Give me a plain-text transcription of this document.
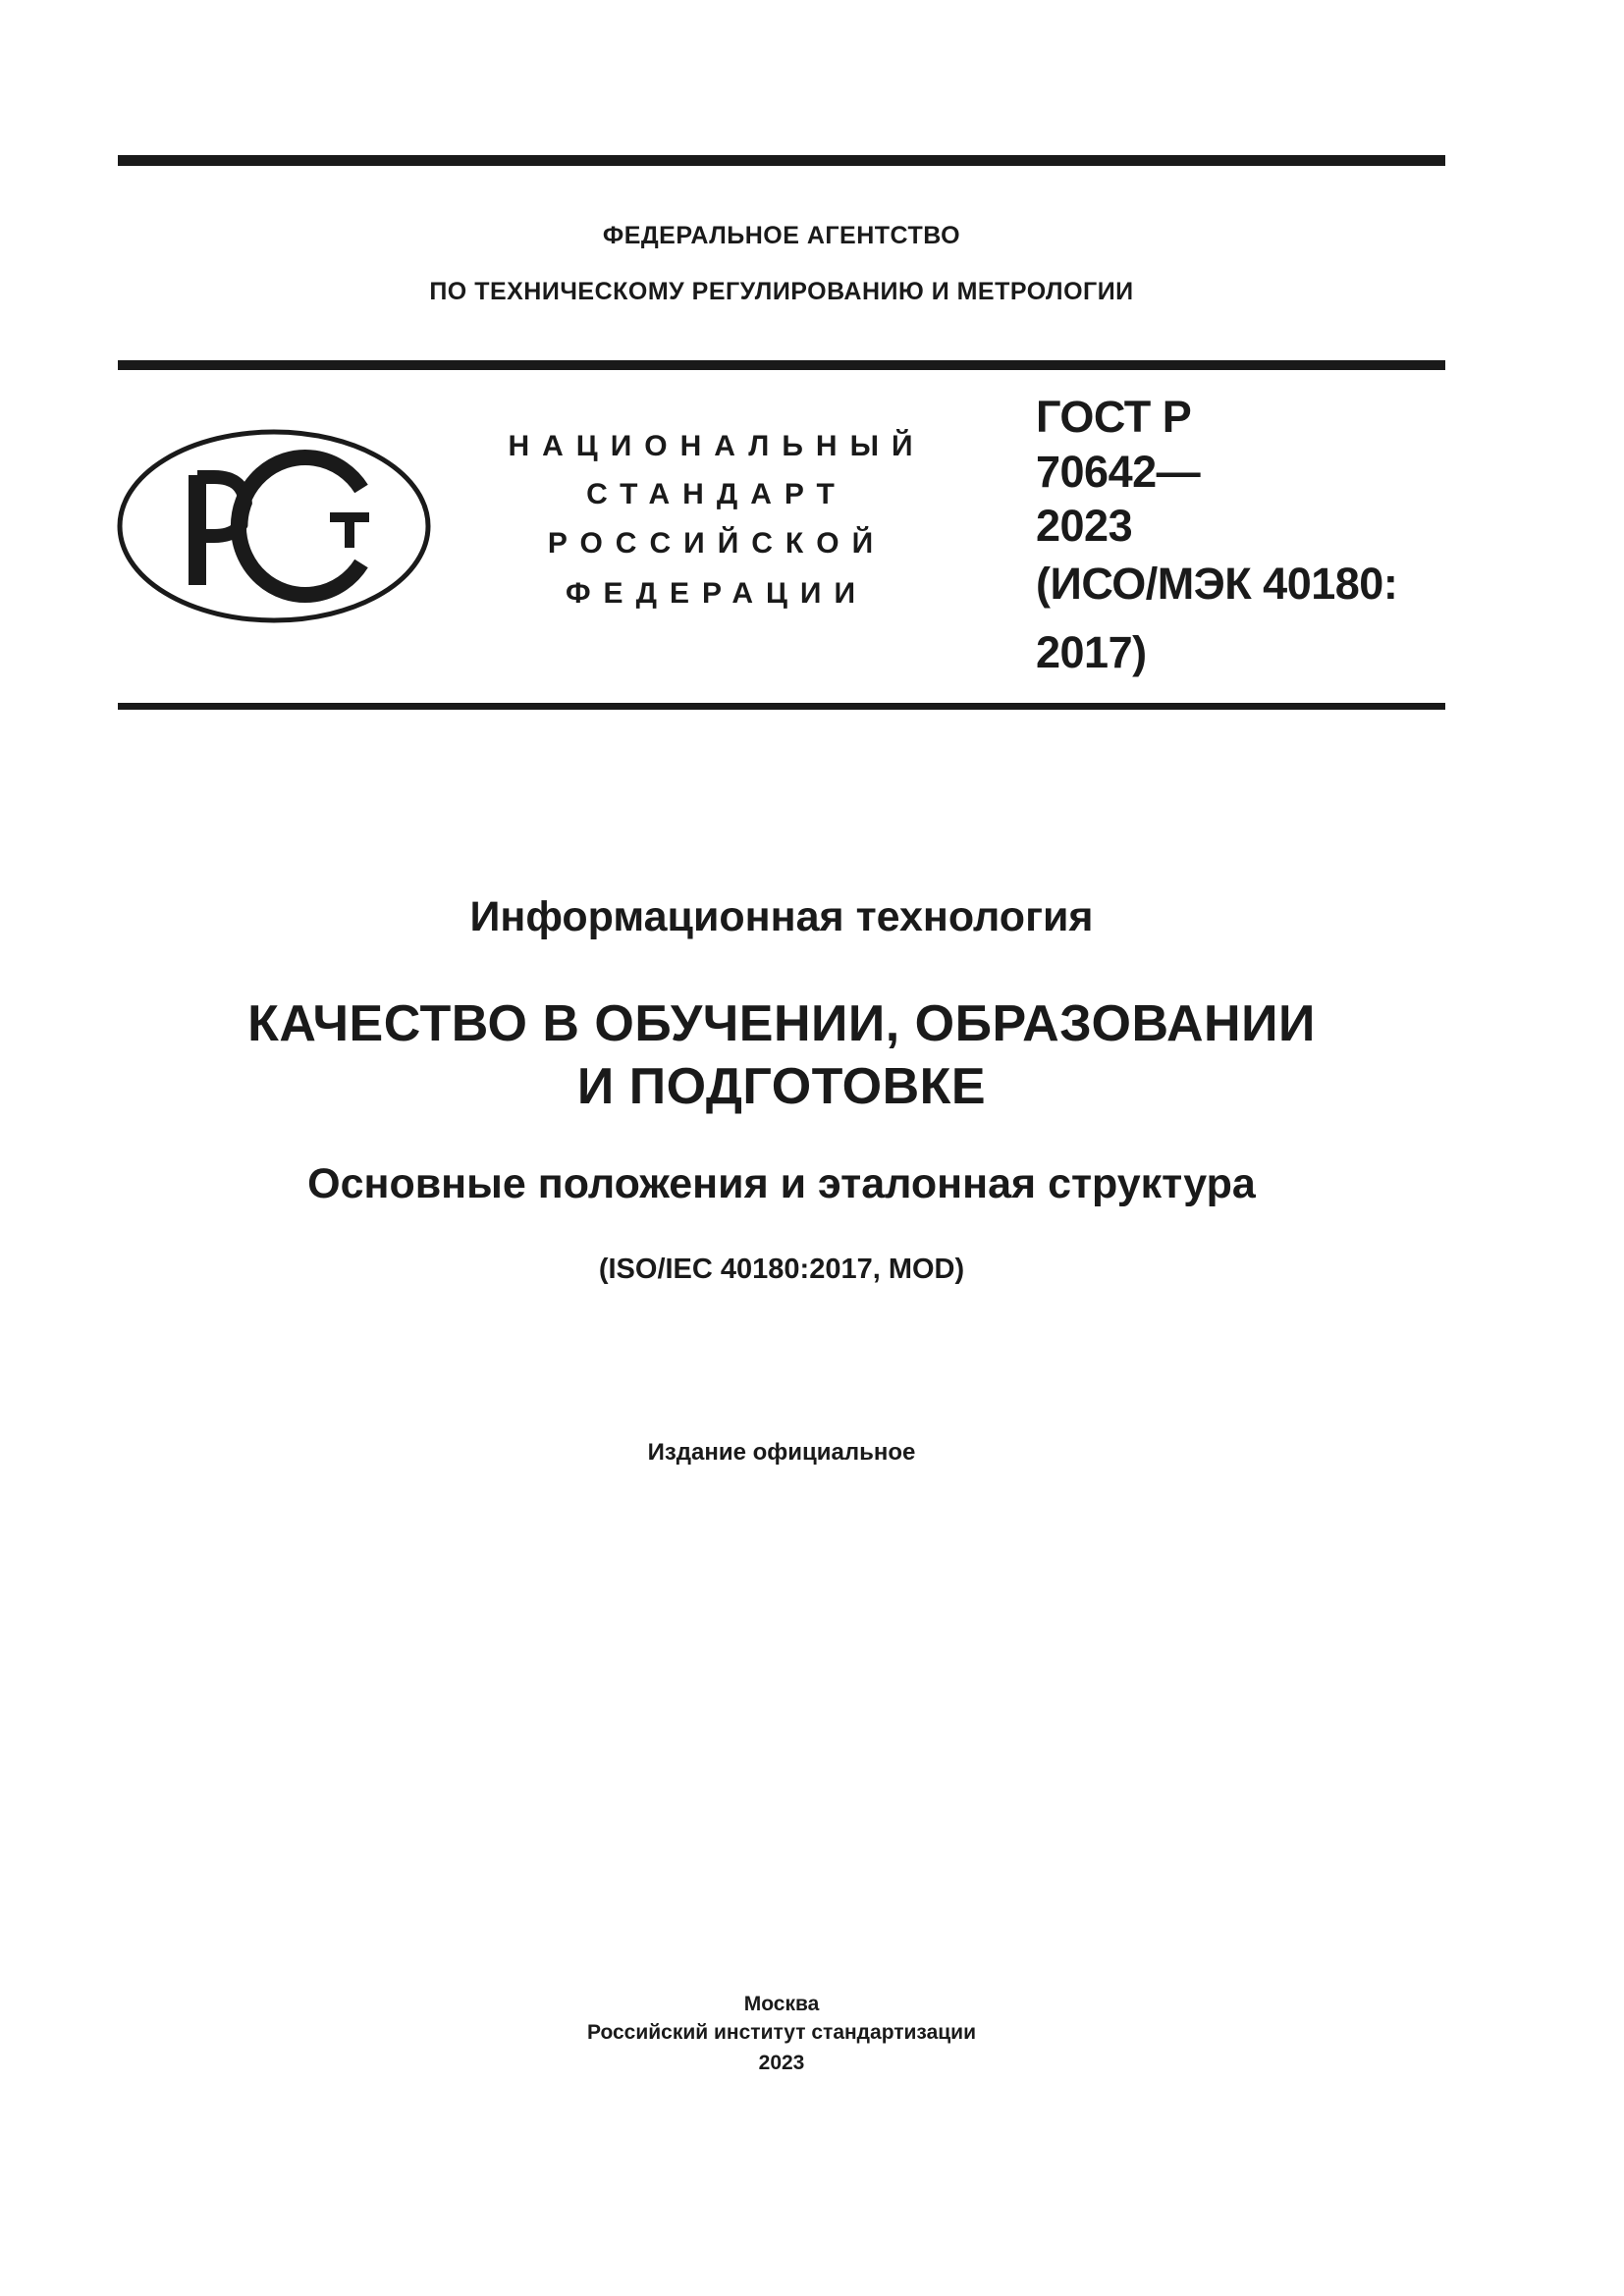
ФЕДЕРАЛЬНОЕ АГЕНТСТВО
ПО ТЕХНИЧЕСКОМУ РЕГУЛИРОВАНИЮ И МЕТРОЛОГИИ
НАЦИОНАЛЬНЫЙ
СТАНДАРТ
РОССИЙСКОЙ
ФЕДЕРАЦИИ
ГОСТ Р
70642—
2023
(ИСО/МЭК 40180:
2017)
Информационная технология
КАЧЕСТВО В ОБУЧЕНИИ, ОБРАЗОВАНИИ
И ПОДГОТОВКЕ
Основные положения и эталонная структура
(ISO/IEC 40180:2017, MOD)
Издание официальное
Москва
Российский институт стандартизации
2023
